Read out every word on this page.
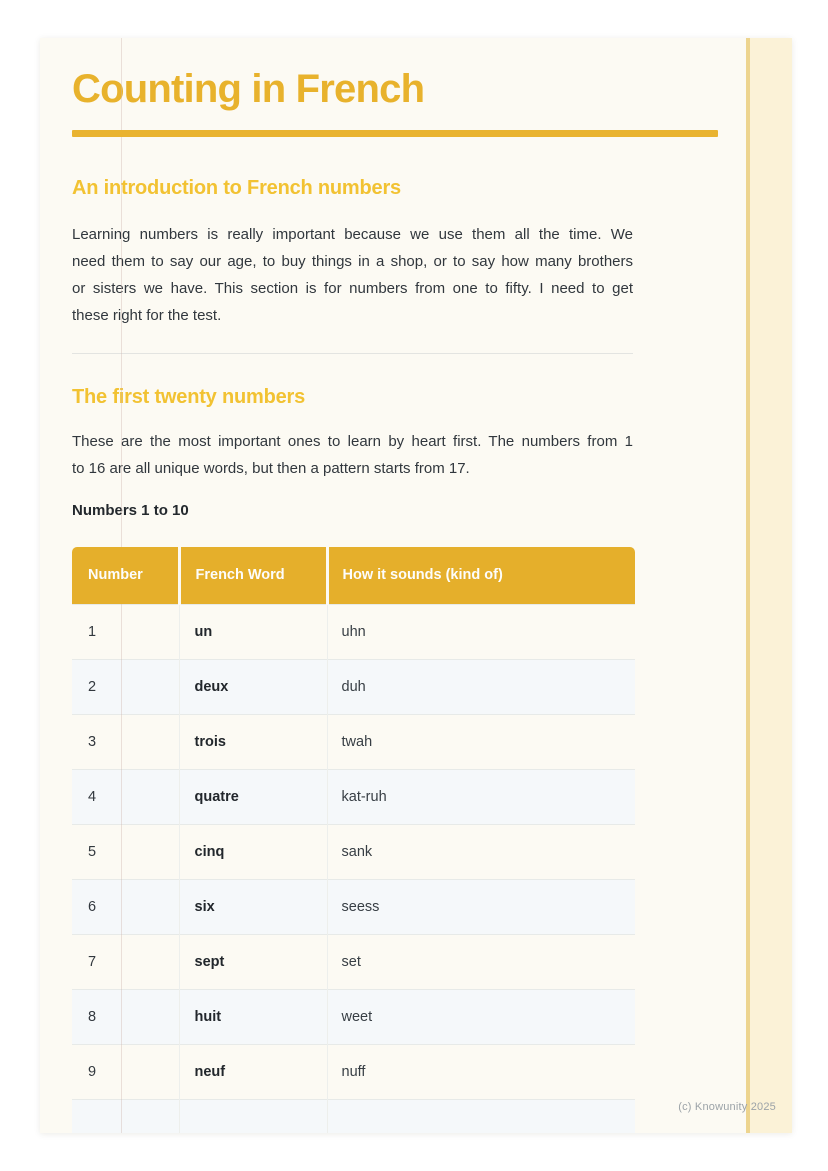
Counting in French
An introduction to French numbers
Learning numbers is really important because we use them all the time. We
need them to say our age, to buy things in a shop, or to say how many brothers
or sisters we have. This section is for numbers from one to fifty. I need to get
these right for the test.
The first twenty numbers
These are the most important ones to learn by heart first. The numbers from 1
to 16 are all unique words, but then a pattern starts from 17.
Numbers 1 to 10
Number	French Word	How it sounds (kind of)
1	un	uhn
2	deux	duh
3	trois	twah
4	quatre	kat-ruh
5	cinq	sank
6	six	seess
7	sept	set
8	huit	weet
9	neuf	nuff

(c) Knowunity 2025
